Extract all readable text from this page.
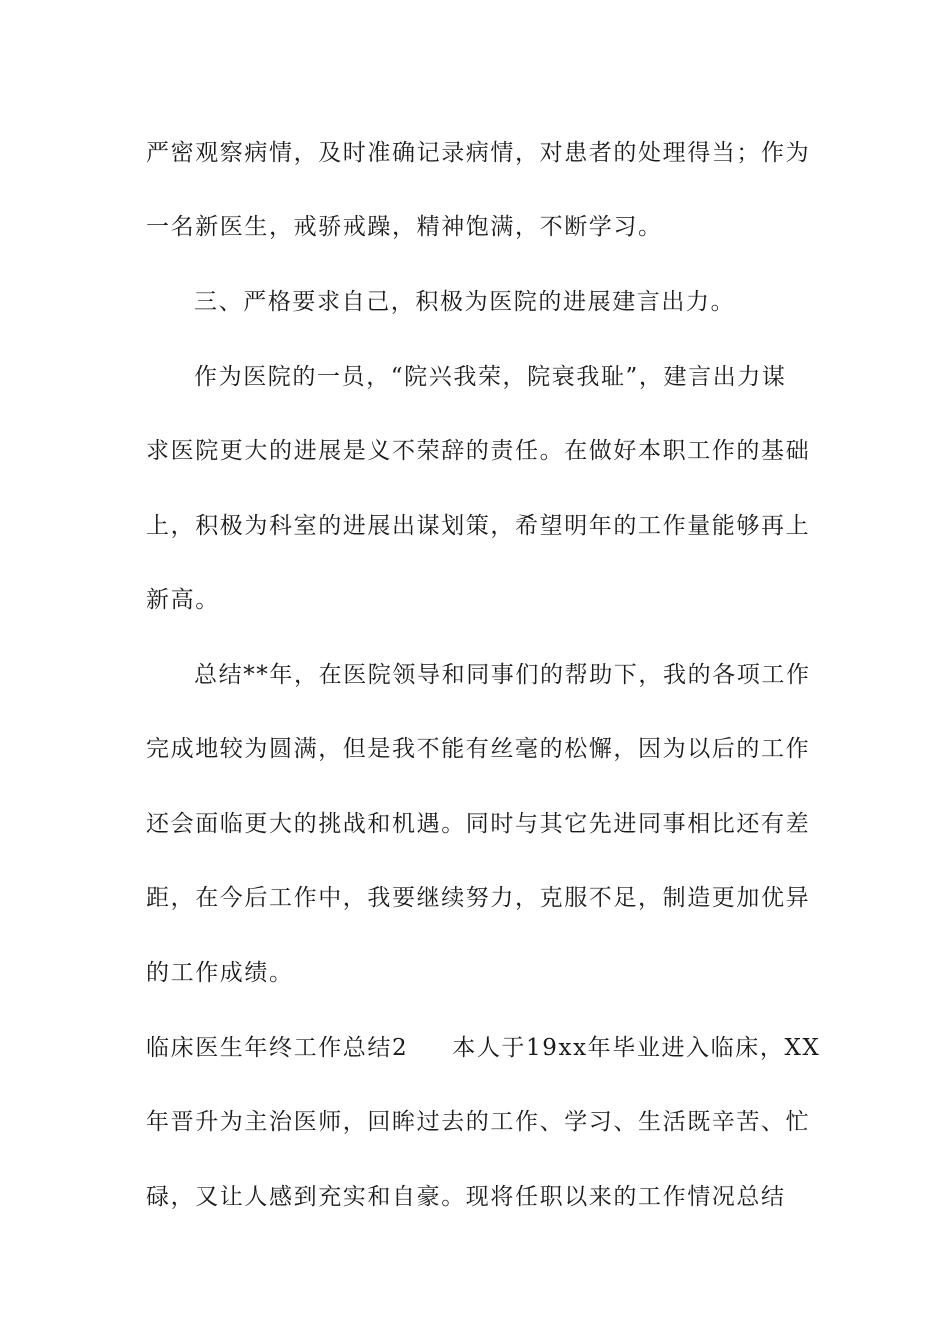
严密观察病情，及时准确记录病情，对患者的处理得当；作为
一名新医生，戒骄戒躁，精神饱满，不断学习。
三、严格要求自己，积极为医院的进展建言出力。
作为医院的一员，“院兴我荣，院衰我耻”，建言出力谋
求医院更大的进展是义不荣辞的责任。在做好本职工作的基础
上，积极为科室的进展出谋划策，希望明年的工作量能够再上
新高。
总结**年，在医院领导和同事们的帮助下，我的各项工作
完成地较为圆满，但是我不能有丝毫的松懈，因为以后的工作
还会面临更大的挑战和机遇。同时与其它先进同事相比还有差
距，在今后工作中，我要继续努力，克服不足，制造更加优异
的工作成绩。
临床医生年终工作总结2 本人于19xx年毕业进入临床，XX
年晋升为主治医师，回眸过去的工作、学习、生活既辛苦、忙
碌，又让人感到充实和自豪。现将任职以来的工作情况总结
